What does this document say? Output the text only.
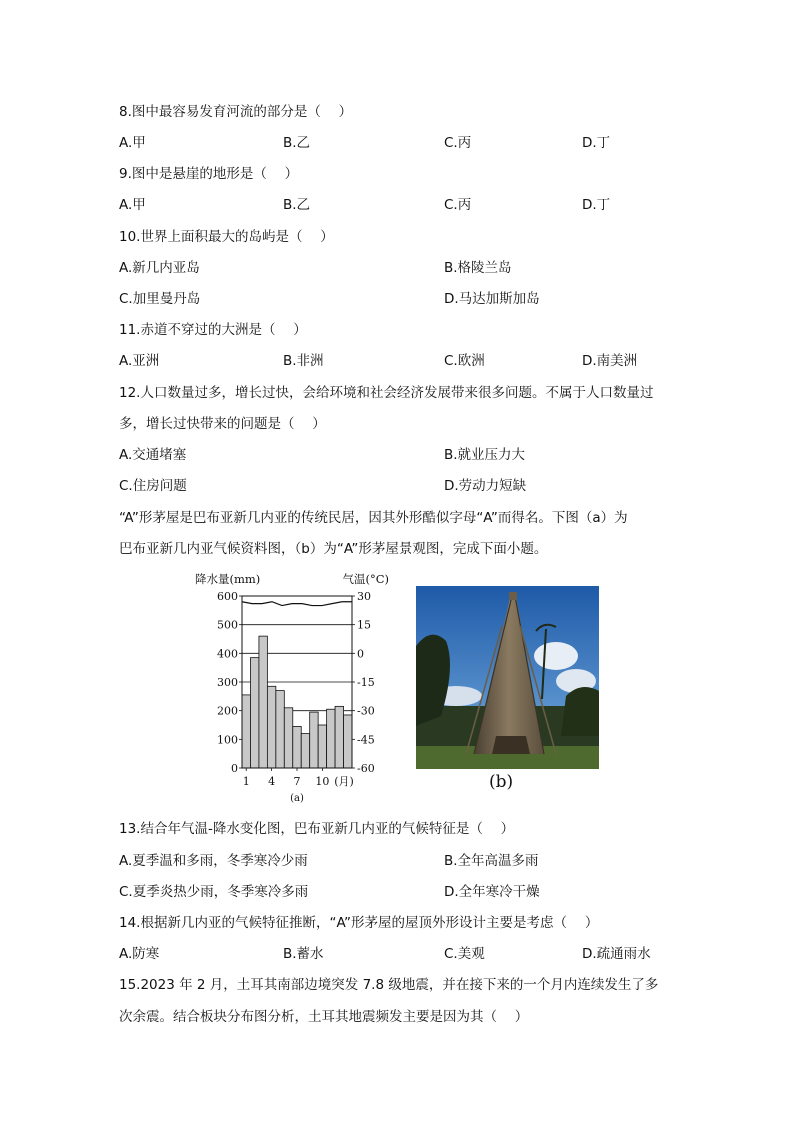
8.图中最容易发育河流的部分是（　 ）
A.甲	B.乙	C.丙	D.丁
9.图中是悬崖的地形是（　 ）
A.甲	B.乙	C.丙	D.丁
10.世界上面积最大的岛屿是（　 ）
A.新几内亚岛	B.格陵兰岛
C.加里曼丹岛	D.马达加斯加岛
11.赤道不穿过的大洲是（　 ）
A.亚洲	B.非洲	C.欧洲	D.南美洲
12.人口数量过多，增长过快，会给环境和社会经济发展带来很多问题。不属于人口数量过
多，增长过快带来的问题是（　 ）
A.交通堵塞	B.就业压力大
C.住房问题	D.劳动力短缺
“A”形茅屋是巴布亚新几内亚的传统民居，因其外形酷似字母“A”而得名。下图（a）为
巴布亚新几内亚气候资料图，（b）为“A”形茅屋景观图，完成下面小题。
0
100
200
300
400
500
600	30
15
0
-15
-30
-45
-60
1 4 7 10 (月)
降水量(mm)	气温(°C)
(a)
(b)
13.结合年气温-降水变化图，巴布亚新几内亚的气候特征是（　 ）
A.夏季温和多雨，冬季寒冷少雨	B.全年高温多雨
C.夏季炎热少雨，冬季寒冷多雨	D.全年寒冷干燥
14.根据新几内亚的气候特征推断，“A”形茅屋的屋顶外形设计主要是考虑（　 ）
A.防寒	B.蓄水	C.美观	D.疏通雨水
15.2023 年 2 月，土耳其南部边境突发 7.8 级地震，并在接下来的一个月内连续发生了多
次余震。结合板块分布图分析，土耳其地震频发主要是因为其（　 ）
